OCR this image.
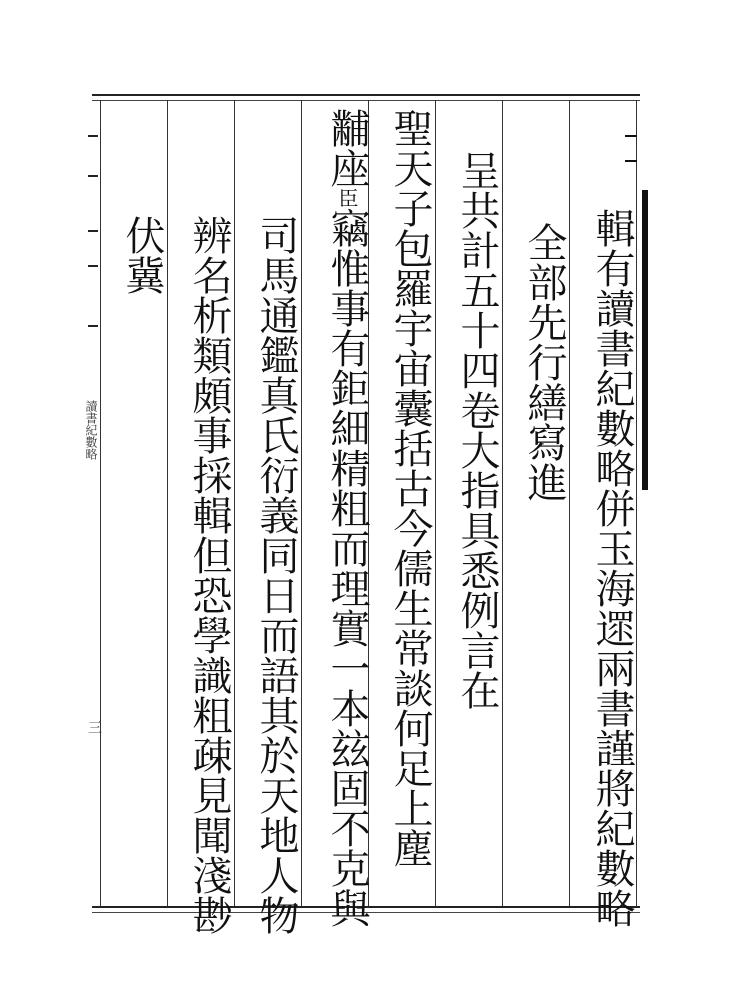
讀書紀數略
三	輯有讀書紀數略併玉海遝兩書謹將紀數略
全部先行繕寫進
呈共計五十四卷大指具悉例言在
聖天子包羅宇宙囊括古今儒生常談何足上塵
黼座臣竊惟事有鉅細精粗而理實一本玆固不克與
司馬通鑑真氏衍義同日而語其於天地人物
辨名析類頗事採輯但恐學識粗疎見聞淺尠
伏冀
